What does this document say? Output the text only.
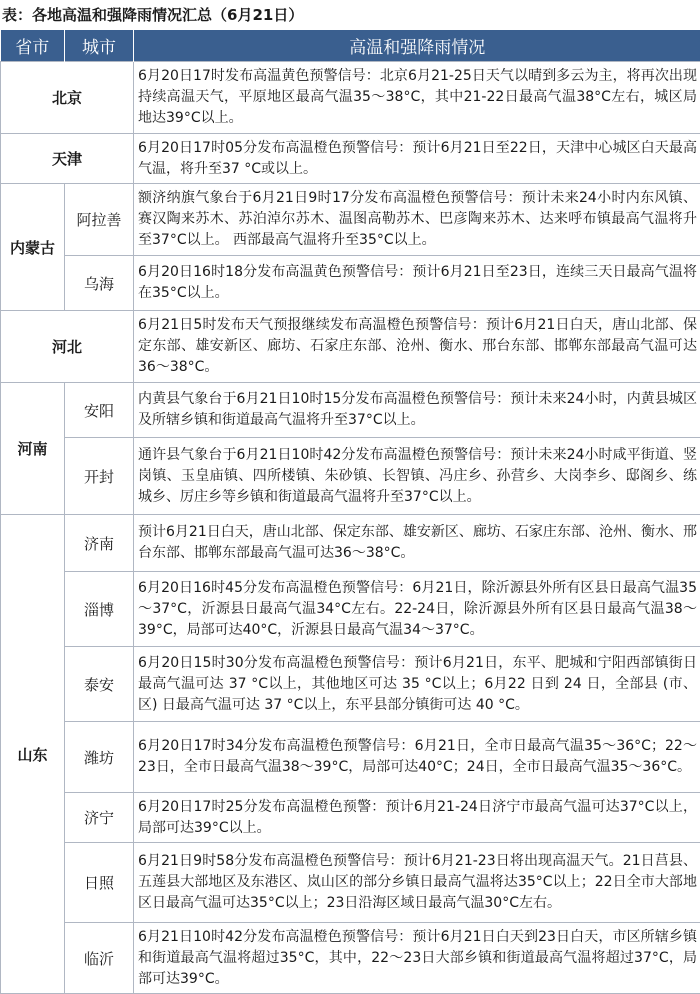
表：各地高温和强降雨情况汇总（6月21日）
省市	城市	高温和强降雨情况
北京		6月20日17时发布高温黄色预警信号：北京6月21-25日天气以晴到多云为主，将再次出现持续高温天气，平原地区最高气温35～38°C，其中21-22日最高气温38°C左右，城区局地达39°C以上。
天津		6月20日17时05分发布高温橙色预警信号：预计6月21日至22日，天津中心城区白天最高气温，将升至37 °C或以上。
内蒙古	阿拉善	额济纳旗气象台于6月21日9时17分发布高温橙色预警信号：预计未来24小时内东风镇、赛汉陶来苏木、苏泊淖尔苏木、温图高勒苏木、巴彦陶来苏木、达来呼布镇最高气温将升至37°C以上。 西部最高气温将升至35°C以上。
	乌海	6月20日16时18分发布高温黄色预警信号：预计6月21日至23日，连续三天日最高气温将在35°C以上。
河北		6月21日5时发布天气预报继续发布高温橙色预警信号：预计6月21日白天，唐山北部、保定东部、雄安新区、廊坊、石家庄东部、沧州、衡水、邢台东部、邯郸东部最高气温可达36～38°C。
河南	安阳	内黄县气象台于6月21日10时15分发布高温橙色预警信号：预计未来24小时，内黄县城区及所辖乡镇和街道最高气温将升至37°C以上。
	开封	通许县气象台于6月21日10时42分发布高温橙色预警信号：预计未来24小时咸平街道、竖岗镇、玉皇庙镇、四所楼镇、朱砂镇、长智镇、冯庄乡、孙营乡、大岗李乡、邸阁乡、练城乡、厉庄乡等乡镇和街道最高气温将升至37°C以上。
山东	济南	预计6月21日白天，唐山北部、保定东部、雄安新区、廊坊、石家庄东部、沧州、衡水、邢台东部、邯郸东部最高气温可达36～38°C。
	淄博	6月20日16时45分发布高温橙色预警信号：6月21日，除沂源县外所有区县日最高气温35～37°C，沂源县日最高气温34°C左右。22-24日，除沂源县外所有区县日最高气温38～39°C，局部可达40°C，沂源县日最高气温34～37°C。
	泰安	6月20日15时30分发布高温橙色预警信号：预计6月21日，东平、肥城和宁阳西部镇街日最高气温可达 37 °C以上，其他地区可达 35 °C以上；6月22 日到 24 日，全部县 (市、区) 日最高气温可达 37 °C以上，东平县部分镇街可达 40 °C。
	潍坊	6月20日17时34分发布高温橙色预警信号：6月21日，全市日最高气温35～36°C；22～23日，全市日最高气温38～39°C，局部可达40°C；24日，全市日最高气温35～36°C。
	济宁	6月20日17时25分发布高温橙色预警：预计6月21-24日济宁市最高气温可达37°C以上，局部可达39°C以上。
	日照	6月21日9时58分发布高温橙色预警信号：预计6月21-23日将出现高温天气。21日莒县、五莲县大部地区及东港区、岚山区的部分乡镇日最高气温将达35°C以上；22日全市大部地区日最高气温可达35°C以上；23日沿海区域日最高气温30°C左右。
	临沂	6月21日10时42分发布高温橙色预警信号：预计6月21日白天到23日白天，市区所辖乡镇和街道最高气温将超过35°C，其中，22～23日大部乡镇和街道最高气温将超过37°C，局部可达39°C。
